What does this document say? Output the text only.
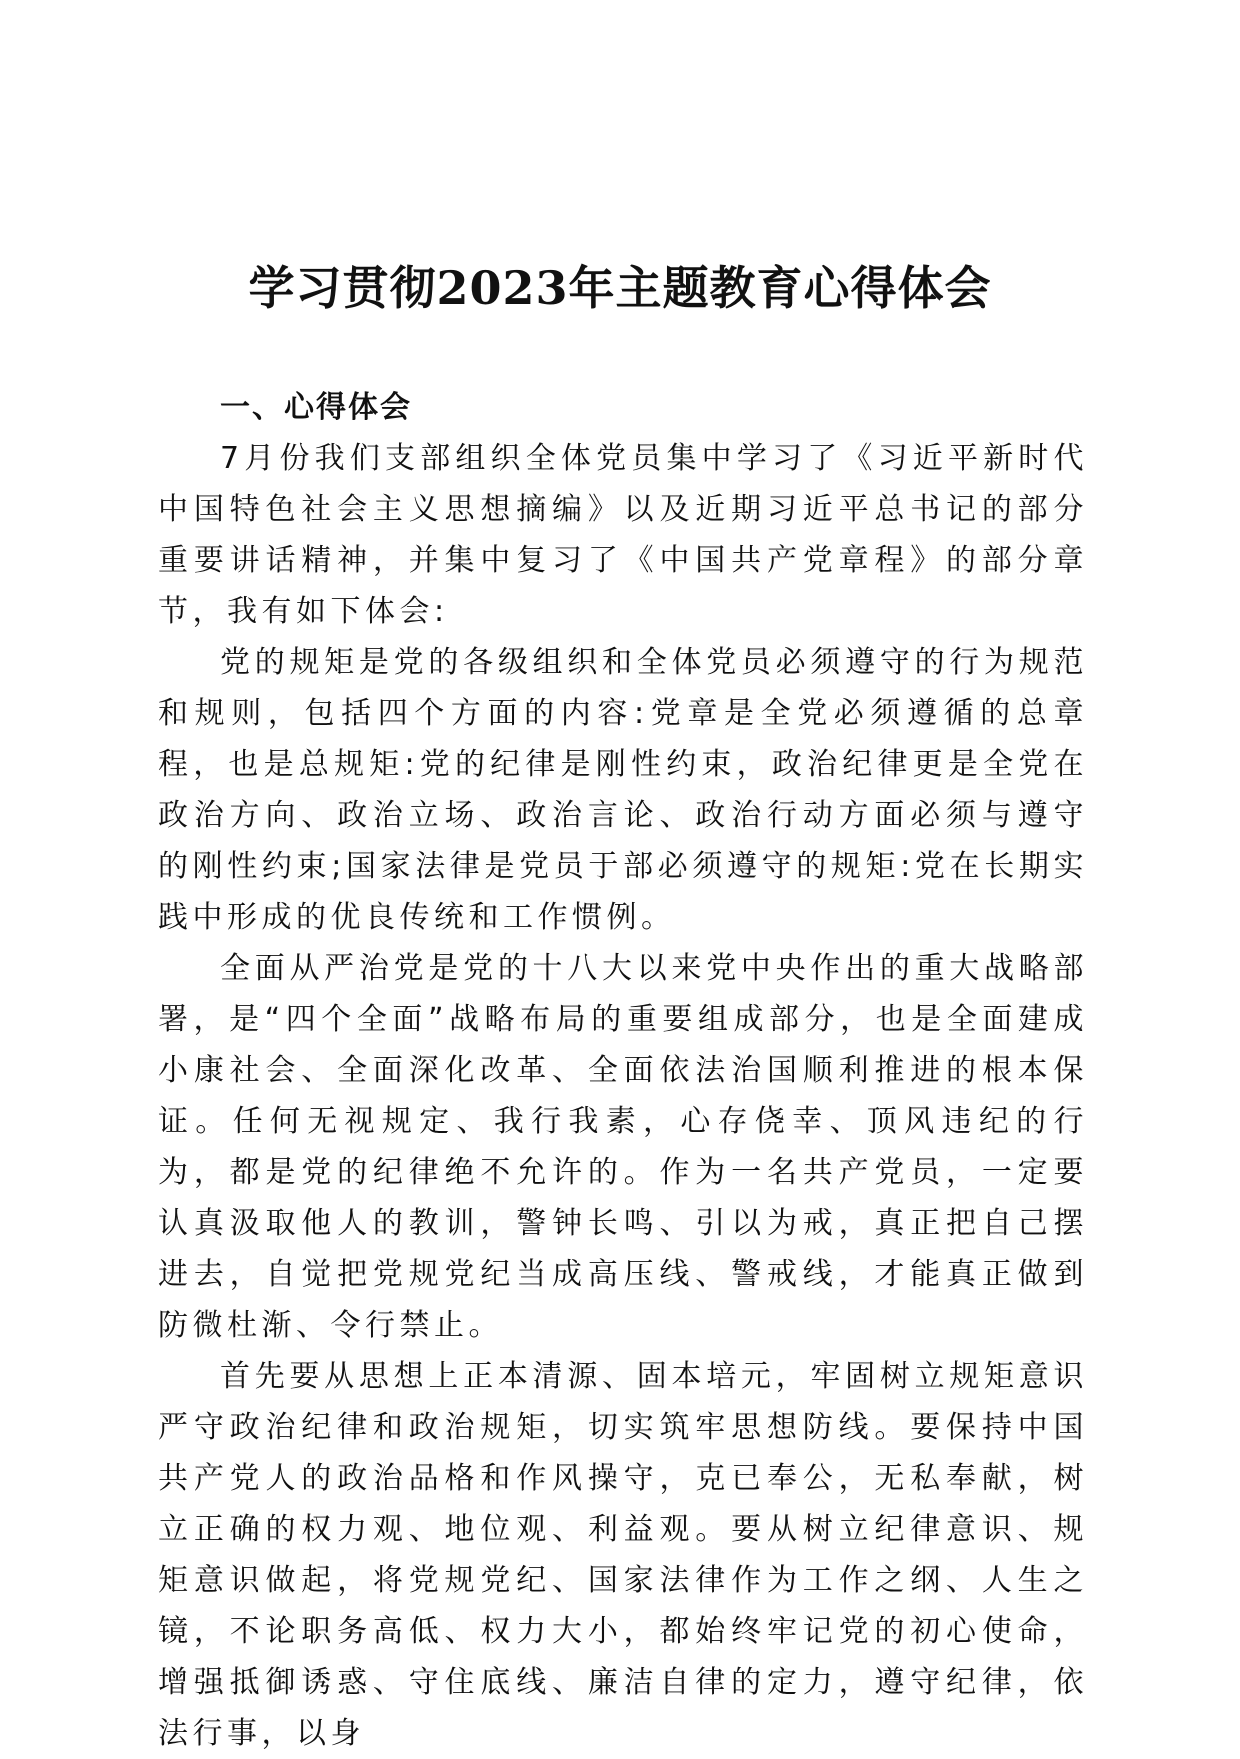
学习贯彻2023年主题教育心得体会

一、心得体会

7月份我们支部组织全体党员集中学习了《习近平新时代中国特色社会主义思想摘编》以及近期习近平总书记的部分重要讲话精神，并集中复习了《中国共产党章程》的部分章节，我有如下体会:

党的规矩是党的各级组织和全体党员必须遵守的行为规范和规则，包括四个方面的内容:党章是全党必须遵循的总章程，也是总规矩:党的纪律是刚性约束，政治纪律更是全党在政治方向、政治立场、政治言论、政治行动方面必须与遵守的刚性约束;国家法律是党员于部必须遵守的规矩:党在长期实践中形成的优良传统和工作惯例。

全面从严治党是党的十八大以来党中央作出的重大战略部署，是“四个全面”战略布局的重要组成部分，也是全面建成小康社会、全面深化改革、全面依法治国顺利推进的根本保证。任何无视规定、我行我素，心存侥幸、顶风违纪的行为，都是党的纪律绝不允许的。作为一名共产党员，一定要认真汲取他人的教训，警钟长鸣、引以为戒，真正把自己摆进去，自觉把党规党纪当成高压线、警戒线，才能真正做到防微杜渐、令行禁止。

首先要从思想上正本清源、固本培元，牢固树立规矩意识严守政治纪律和政治规矩，切实筑牢思想防线。要保持中国共产党人的政治品格和作风操守，克已奉公，无私奉献，树立正确的权力观、地位观、利益观。要从树立纪律意识、规矩意识做起，将党规党纪、国家法律作为工作之纲、人生之镜，不论职务高低、权力大小，都始终牢记党的初心使命，增强抵御诱惑、守住底线、廉洁自律的定力，遵守纪律，依法行事，以身
